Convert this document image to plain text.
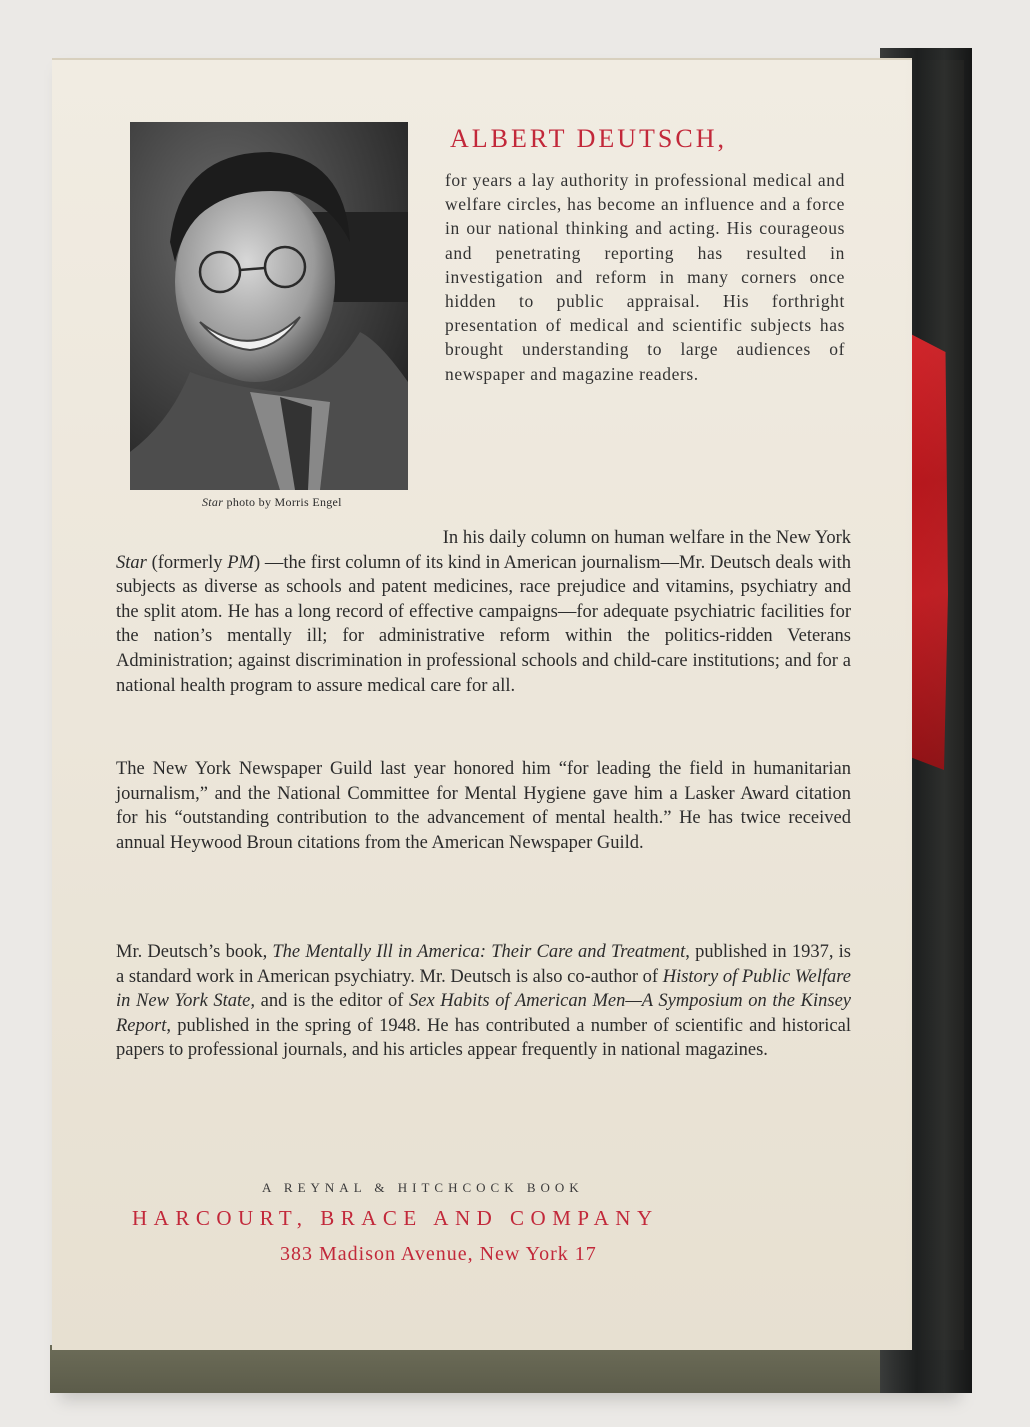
Star photo by Morris Engel
ALBERT DEUTSCH,
for years a lay authority in professional medical and welfare circles, has become an influence and a force in our national thinking and acting. His courageous and penetrating reporting has resulted in investigation and reform in many corners once hidden to public appraisal. His forthright presentation of medical and scientific subjects has brought understanding to large audiences of newspaper and magazine readers.
In his daily column on human welfare in the New York Star (formerly PM) —the first column of its kind in American journalism—Mr. Deutsch deals with subjects as diverse as schools and patent medicines, race prejudice and vitamins, psychiatry and the split atom. He has a long record of effective campaigns—for adequate psychiatric facilities for the nation’s mentally ill; for administrative reform within the politics-ridden Veterans Administration; against discrimination in professional schools and child-care institutions; and for a national health program to assure medical care for all.
The New York Newspaper Guild last year honored him “for leading the field in humanitarian journalism,” and the National Committee for Mental Hygiene gave him a Lasker Award citation for his “outstanding contribution to the advancement of mental health.” He has twice received annual Heywood Broun citations from the American Newspaper Guild.
Mr. Deutsch’s book, The Mentally Ill in America: Their Care and Treatment, published in 1937, is a standard work in American psychiatry. Mr. Deutsch is also co-author of History of Public Welfare in New York State, and is the editor of Sex Habits of American Men—A Symposium on the Kinsey Report, published in the spring of 1948. He has contributed a number of scientific and historical papers to professional journals, and his articles appear frequently in national magazines.
A REYNAL & HITCHCOCK BOOK
HARCOURT, BRACE AND COMPANY
383 Madison Avenue, New York 17
